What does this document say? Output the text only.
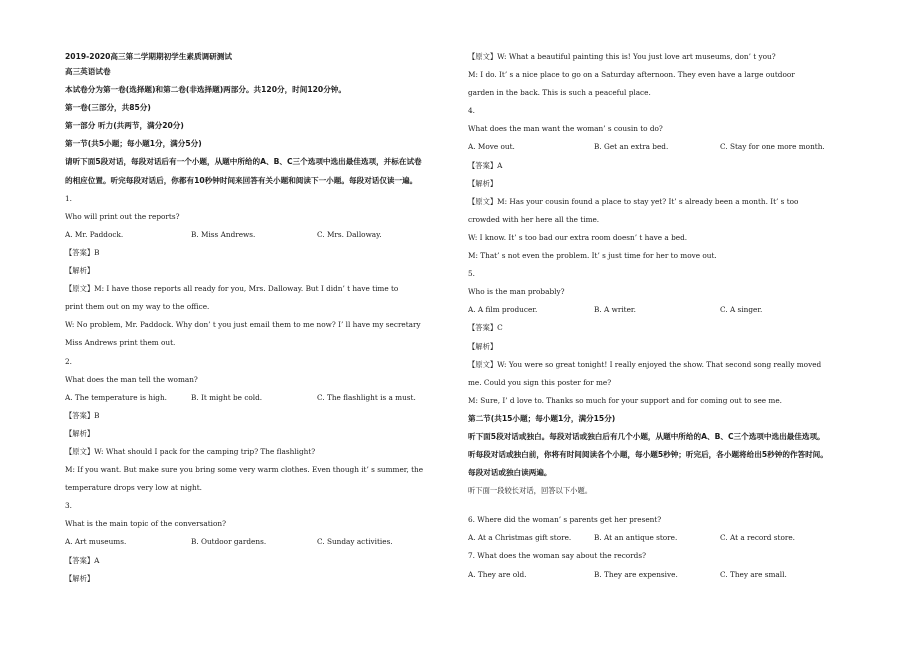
2019-2020高三第二学期期初学生素质调研测试
高三英语试卷
本试卷分为第一卷(选择题)和第二卷(非选择题)两部分。共120分，时间120分钟。
第一卷(三部分，共85分)
第一部分 听力(共两节，满分20分)
第一节(共5小题；每小题1分，满分5分)
请听下面5段对话，每段对话后有一个小题，从题中所给的A、B、C三个选项中选出最佳选项，并标在试卷
的相应位置。听完每段对话后，你都有10秒钟时间来回答有关小题和阅读下一小题。每段对话仅读一遍。
1.
Who will print out the reports?
A. Mr. Paddock.	B. Miss Andrews.	C. Mrs. Dalloway.
【答案】B
【解析】
【原文】M: I have those reports all ready for you, Mrs. Dalloway. But I didn’ t have time to
print them out on my way to the office.
W: No problem, Mr. Paddock. Why don’ t you just email them to me now? I’ ll have my secretary
Miss Andrews print them out.
2.
What does the man tell the woman?
A. The temperature is high.	B. It might be cold.	C. The flashlight is a must.
【答案】B
【解析】
【原文】W: What should I pack for the camping trip? The flashlight?
M: If you want. But make sure you bring some very warm clothes. Even though it’ s summer, the
temperature drops very low at night.
3.
What is the main topic of the conversation?
A. Art museums.	B. Outdoor gardens.	C. Sunday activities.
【答案】A
【解析】
【原文】W: What a beautiful painting this is! You just love art museums, don’ t you?
M: I do. It’ s a nice place to go on a Saturday afternoon. They even have a large outdoor
garden in the back. This is such a peaceful place.
4.
What does the man want the woman’ s cousin to do?
A. Move out.	B. Get an extra bed.	C. Stay for one more month.
【答案】A
【解析】
【原文】M: Has your cousin found a place to stay yet? It’ s already been a month. It’ s too
crowded with her here all the time.
W: I know. It’ s too bad our extra room doesn’ t have a bed.
M: That’ s not even the problem. It’ s just time for her to move out.
5.
Who is the man probably?
A. A film producer.	B. A writer.	C. A singer.
【答案】C
【解析】
【原文】W: You were so great tonight! I really enjoyed the show. That second song really moved
me. Could you sign this poster for me?
M: Sure, I’ d love to. Thanks so much for your support and for coming out to see me.
第二节(共15小题；每小题1分，满分15分)
听下面5段对话或独白。每段对话或独白后有几个小题，从题中所给的A、B、C三个选项中选出最佳选项。
听每段对话或独白前，你将有时间阅读各个小题，每小题5秒钟；听完后，各小题将给出5秒钟的作答时间。
每段对话或独白读两遍。
听下面一段较长对话，回答以下小题。
6. Where did the woman’ s parents get her present?
A. At a Christmas gift store.	B. At an antique store.	C. At a record store.
7. What does the woman say about the records?
A. They are old.	B. They are expensive.	C. They are small.
